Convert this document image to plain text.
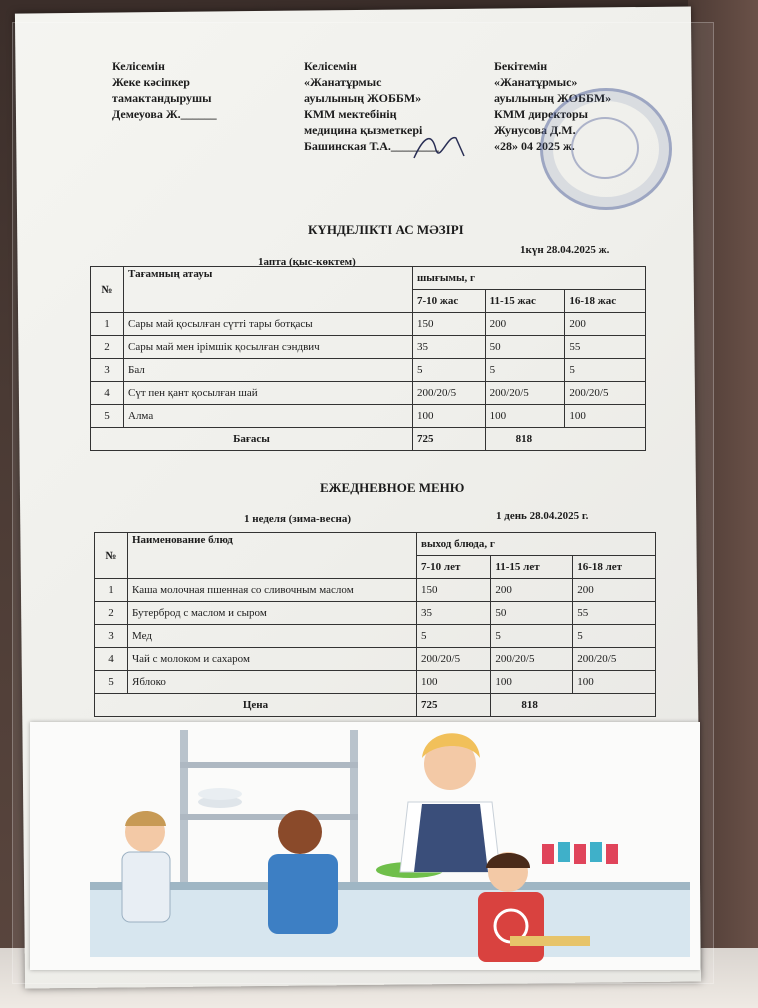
Келісемін
Жеке кәсіпкер
тамактандырушы
Демеуова Ж.______
Келісемін
«Жанатұрмыс
ауылының ЖОББМ»
КММ мектебінің
медицина қызметкері
Башинская Т.А.________
Бекітемін
«Жанатұрмыс»
ауылының ЖОББМ»
КММ директоры
Жунусова Д.М.
«28» 04 2025 ж.
КҮНДЕЛІКТІ АС МӘЗІРІ
1апта (қыс-көктем)
1күн 28.04.2025 ж.
№	Тағамның атауы	шығымы, г		
		7-10 жас	11-15 жас	16-18 жас
1	Сары май қосылған сүтті тары ботқасы	150	200	200
2	Сары май мен ірімшік қосылған сэндвич	35	50	55
3	Бал	5	5	5
4	Сүт пен қант қосылған шай	200/20/5	200/20/5	200/20/5
5	Алма	100	100	100
Бағасы		725	818	
ЕЖЕДНЕВНОЕ МЕНЮ
1 неделя (зима-весна)	1 день 28.04.2025 г.
№	Наименование блюд	выход блюда, г		
		7-10 лет	11-15 лет	16-18 лет
1	Каша молочная пшенная со сливочным маслом	150	200	200
2	Бутерброд с маслом и сыром	35	50	55
3	Мед	5	5	5
4	Чай с молоком и сахаром	200/20/5	200/20/5	200/20/5
5	Яблоко	100	100	100
Цена		725	818	
